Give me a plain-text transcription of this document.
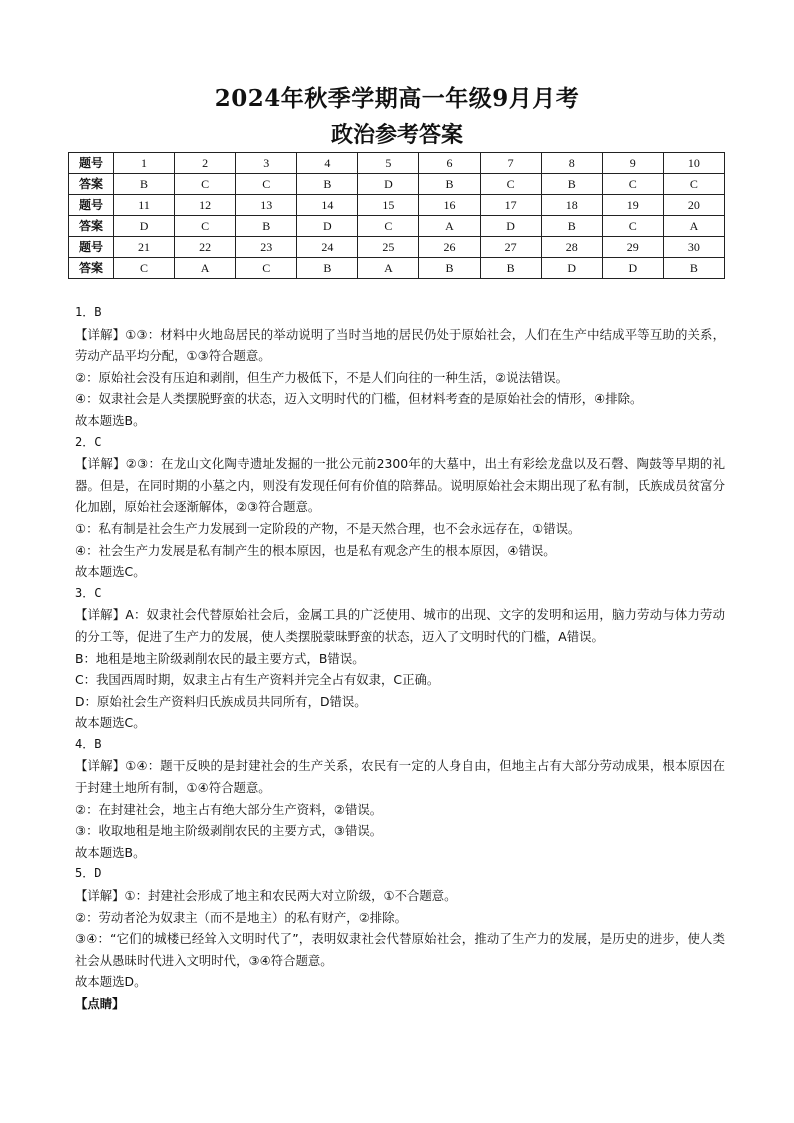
2024年秋季学期高一年级9月月考
政治参考答案
题号	1	2	3	4	5	6	7	8	9	10
答案	B	C	C	B	D	B	C	B	C	C
题号	11	12	13	14	15	16	17	18	19	20
答案	D	C	B	D	C	A	D	B	C	A
题号	21	22	23	24	25	26	27	28	29	30
答案	C	A	C	B	A	B	B	D	D	B

1．B

【详解】①③：材料中火地岛居民的举动说明了当时当地的居民仍处于原始社会，人们在生产中结成平等互助的关系，劳动产品平均分配，①③符合题意。

②：原始社会没有压迫和剥削，但生产力极低下，不是人们向往的一种生活，②说法错误。

④：奴隶社会是人类摆脱野蛮的状态，迈入文明时代的门槛，但材料考查的是原始社会的情形，④排除。

故本题选B。

2．C

【详解】②③：在龙山文化陶寺遗址发掘的一批公元前2300年的大墓中，出土有彩绘龙盘以及石磬、陶鼓等早期的礼器。但是，在同时期的小墓之内，则没有发现任何有价值的陪葬品。说明原始社会末期出现了私有制，氏族成员贫富分化加剧，原始社会逐渐解体，②③符合题意。

①：私有制是社会生产力发展到一定阶段的产物，不是天然合理，也不会永远存在，①错误。

④：社会生产力发展是私有制产生的根本原因，也是私有观念产生的根本原因，④错误。

故本题选C。

3．C

【详解】A：奴隶社会代替原始社会后，金属工具的广泛使用、城市的出现、文字的发明和运用，脑力劳动与体力劳动的分工等，促进了生产力的发展，使人类摆脱蒙昧野蛮的状态，迈入了文明时代的门槛，A错误。

B：地租是地主阶级剥削农民的最主要方式，B错误。

C：我国西周时期，奴隶主占有生产资料并完全占有奴隶，C正确。

D：原始社会生产资料归氏族成员共同所有，D错误。

故本题选C。

4．B

【详解】①④：题干反映的是封建社会的生产关系，农民有一定的人身自由，但地主占有大部分劳动成果，根本原因在于封建土地所有制，①④符合题意。

②：在封建社会，地主占有绝大部分生产资料，②错误。

③：收取地租是地主阶级剥削农民的主要方式，③错误。

故本题选B。

5．D

【详解】①：封建社会形成了地主和农民两大对立阶级，①不合题意。

②：劳动者沦为奴隶主（而不是地主）的私有财产，②排除。

③④：“它们的城楼已经耸入文明时代了”，表明奴隶社会代替原始社会，推动了生产力的发展，是历史的进步，使人类社会从愚昧时代进入文明时代，③④符合题意。

故本题选D。

【点睛】
